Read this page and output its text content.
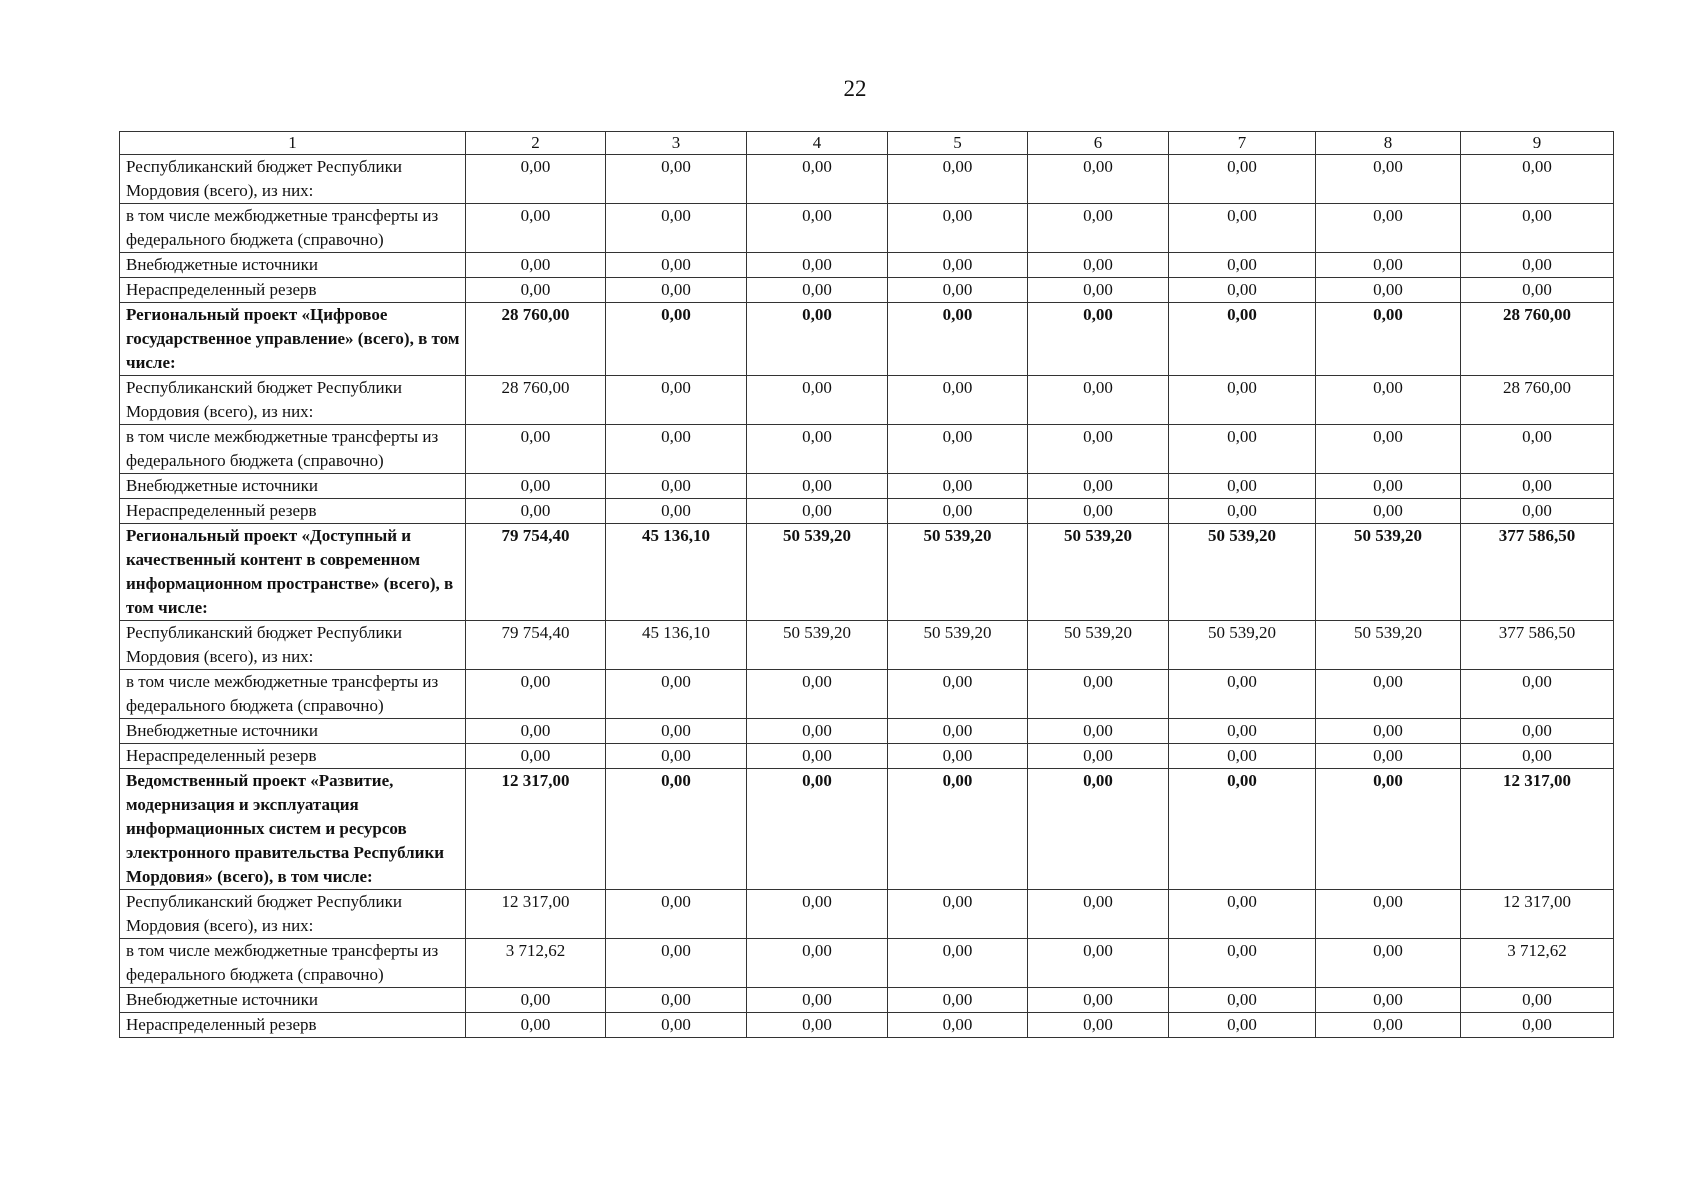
22
1	2	3	4	5	6	7	8	9
Республиканский бюджет Республики Мордовия (всего), из них:	0,00	0,00	0,00	0,00	0,00	0,00	0,00	0,00
в том числе межбюджетные трансферты из федерального бюджета (справочно)	0,00	0,00	0,00	0,00	0,00	0,00	0,00	0,00
Внебюджетные источники	0,00	0,00	0,00	0,00	0,00	0,00	0,00	0,00
Нераспределенный резерв	0,00	0,00	0,00	0,00	0,00	0,00	0,00	0,00
Региональный проект «Цифровое государственное управление» (всего), в том числе:	28 760,00	0,00	0,00	0,00	0,00	0,00	0,00	28 760,00
Республиканский бюджет Республики Мордовия (всего), из них:	28 760,00	0,00	0,00	0,00	0,00	0,00	0,00	28 760,00
в том числе межбюджетные трансферты из федерального бюджета (справочно)	0,00	0,00	0,00	0,00	0,00	0,00	0,00	0,00
Внебюджетные источники	0,00	0,00	0,00	0,00	0,00	0,00	0,00	0,00
Нераспределенный резерв	0,00	0,00	0,00	0,00	0,00	0,00	0,00	0,00
Региональный проект «Доступный и качественный контент в современном информационном пространстве» (всего), в том числе:	79 754,40	45 136,10	50 539,20	50 539,20	50 539,20	50 539,20	50 539,20	377 586,50
Республиканский бюджет Республики Мордовия (всего), из них:	79 754,40	45 136,10	50 539,20	50 539,20	50 539,20	50 539,20	50 539,20	377 586,50
в том числе межбюджетные трансферты из федерального бюджета (справочно)	0,00	0,00	0,00	0,00	0,00	0,00	0,00	0,00
Внебюджетные источники	0,00	0,00	0,00	0,00	0,00	0,00	0,00	0,00
Нераспределенный резерв	0,00	0,00	0,00	0,00	0,00	0,00	0,00	0,00
Ведомственный проект «Развитие, модернизация и эксплуатация информационных систем и ресурсов электронного правительства Республики Мордовия» (всего), в том числе:	12 317,00	0,00	0,00	0,00	0,00	0,00	0,00	12 317,00
Республиканский бюджет Республики Мордовия (всего), из них:	12 317,00	0,00	0,00	0,00	0,00	0,00	0,00	12 317,00
в том числе межбюджетные трансферты из федерального бюджета (справочно)	3 712,62	0,00	0,00	0,00	0,00	0,00	0,00	3 712,62
Внебюджетные источники	0,00	0,00	0,00	0,00	0,00	0,00	0,00	0,00
Нераспределенный резерв	0,00	0,00	0,00	0,00	0,00	0,00	0,00	0,00
